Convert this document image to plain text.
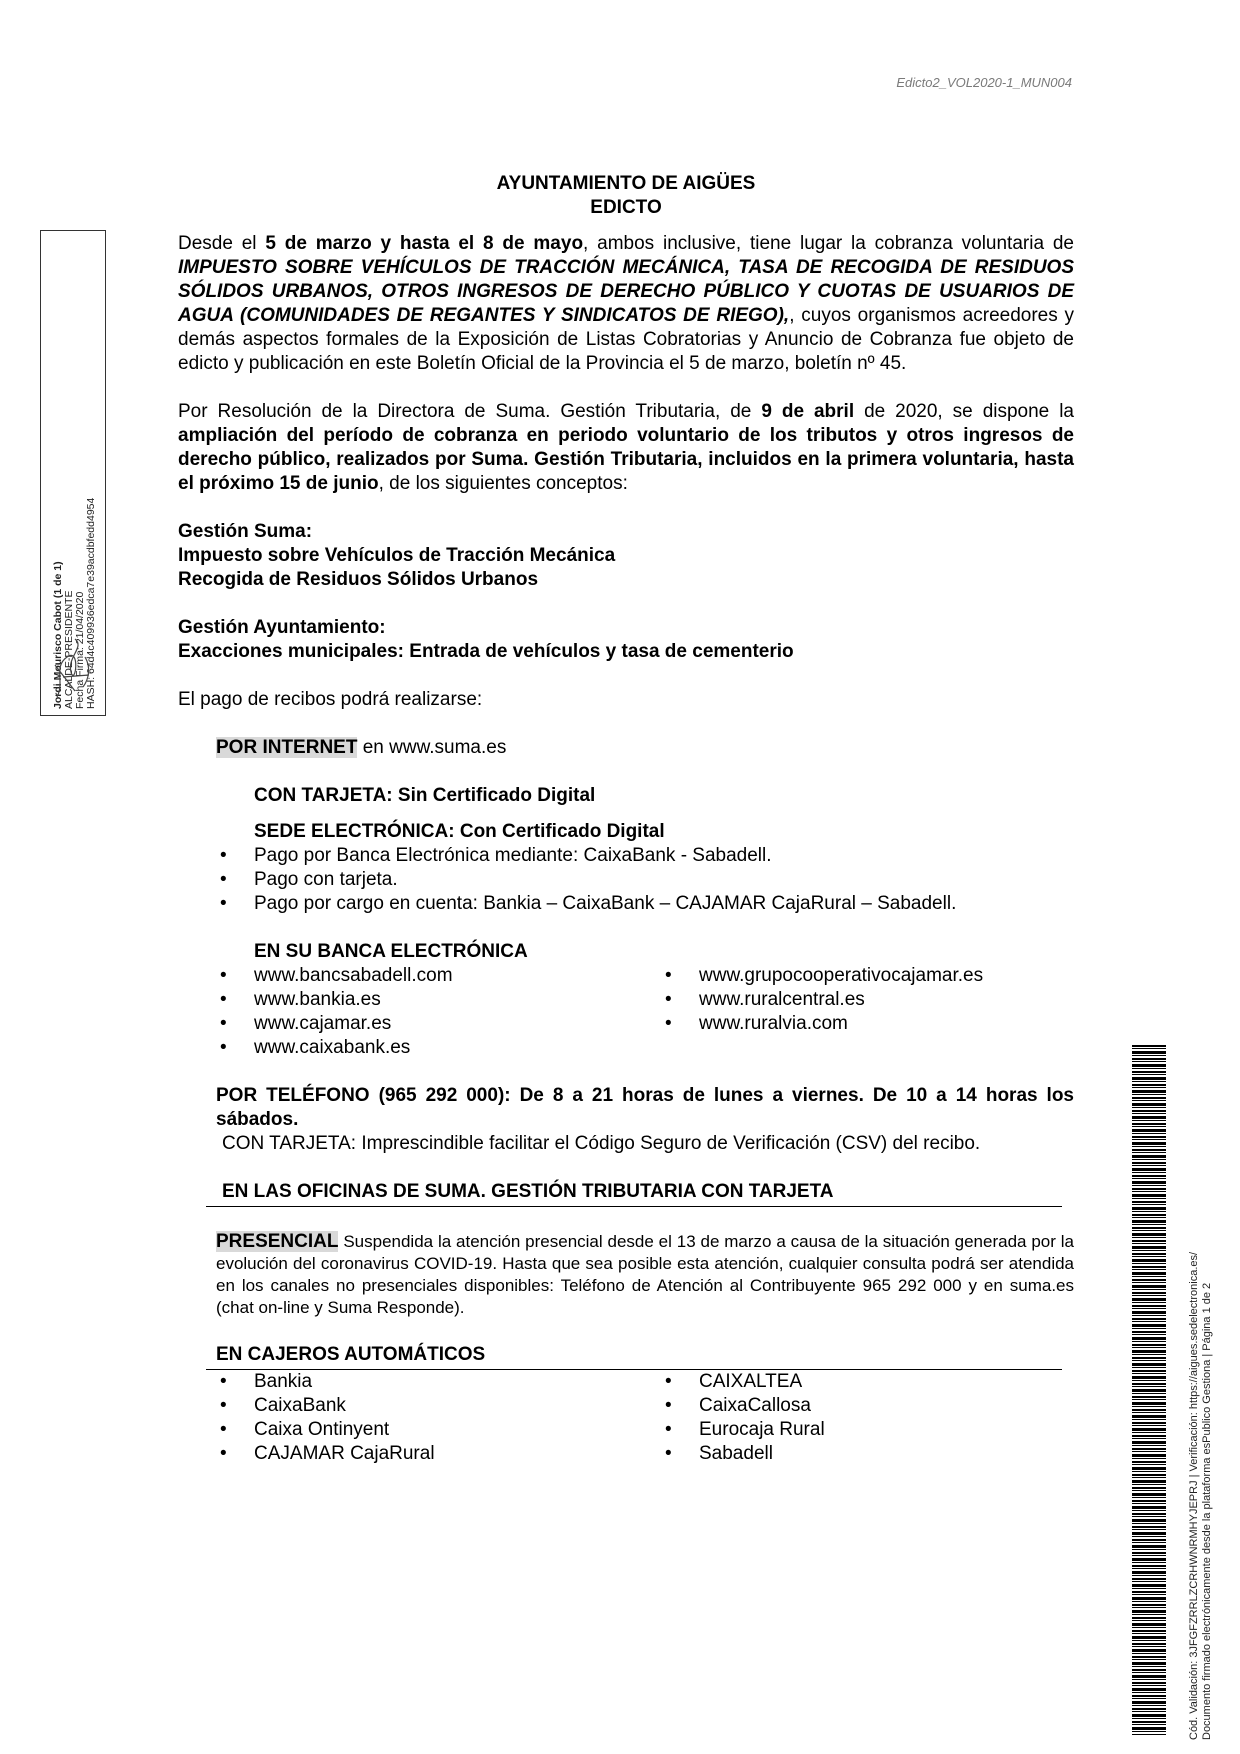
Edicto2_VOL2020-1_MUN004
Jordi Mourisco Cabot (1 de 1) ALCALDE-PRESIDENTE Fecha Firma: 21/04/2020 HASH: 64d4c409936edca7e39acdbfedd4954
AYUNTAMIENTO DE AIGÜES
EDICTO

Desde el 5 de marzo y hasta el 8 de mayo, ambos inclusive, tiene lugar la cobranza voluntaria de IMPUESTO SOBRE VEHÍCULOS DE TRACCIÓN MECÁNICA, TASA DE RECOGIDA DE RESIDUOS SÓLIDOS URBANOS, OTROS INGRESOS DE DERECHO PÚBLICO Y CUOTAS DE USUARIOS DE AGUA (COMUNIDADES DE REGANTES Y SINDICATOS DE RIEGO),, cuyos organismos acreedores y demás aspectos formales de la Exposición de Listas Cobratorias y Anuncio de Cobranza fue objeto de edicto y publicación en este Boletín Oficial de la Provincia el 5 de marzo, boletín nº 45.

Por Resolución de la Directora de Suma. Gestión Tributaria, de 9 de abril de 2020, se dispone la ampliación del período de cobranza en periodo voluntario de los tributos y otros ingresos de derecho público, realizados por Suma. Gestión Tributaria, incluidos en la primera voluntaria, hasta el próximo 15 de junio, de los siguientes conceptos:

Gestión Suma:

Impuesto sobre Vehículos de Tracción Mecánica

Recogida de Residuos Sólidos Urbanos

Gestión Ayuntamiento:

Exacciones municipales: Entrada de vehículos y tasa de cementerio

El pago de recibos podrá realizarse:

POR INTERNET en www.suma.es

CON TARJETA: Sin Certificado Digital

SEDE ELECTRÓNICA: Con Certificado Digital

• Pago por Banca Electrónica mediante: CaixaBank - Sabadell.
• Pago con tarjeta.
• Pago por cargo en cuenta: Bankia – CaixaBank – CAJAMAR CajaRural – Sabadell.

EN SU BANCA ELECTRÓNICA

• www.bancsabadell.com
• www.bankia.es
• www.cajamar.es
• www.caixabank.es
• www.grupocooperativocajamar.es
• www.ruralcentral.es
• www.ruralvia.com

POR TELÉFONO (965 292 000): De 8 a 21 horas de lunes a viernes. De 10 a 14 horas los sábados.

CON TARJETA: Imprescindible facilitar el Código Seguro de Verificación (CSV) del recibo.

EN LAS OFICINAS DE SUMA. GESTIÓN TRIBUTARIA CON TARJETA

PRESENCIAL Suspendida la atención presencial desde el 13 de marzo a causa de la situación generada por la evolución del coronavirus COVID-19. Hasta que sea posible esta atención, cualquier consulta podrá ser atendida en los canales no presenciales disponibles: Teléfono de Atención al Contribuyente 965 292 000 y en suma.es (chat on-line y Suma Responde).

EN CAJEROS AUTOMÁTICOS
• Bankia
• CaixaBank
• Caixa Ontinyent
• CAJAMAR CajaRural
• CAIXALTEA
• CaixaCallosa
• Eurocaja Rural
• Sabadell	Cód. Validación: 3JFGFZRRLZCRHWNRMHYJEPRJ | Verificación: https://aigues.sedelectronica.es/ Documento firmado electrónicamente desde la plataforma esPublico Gestiona | Página 1 de 2
